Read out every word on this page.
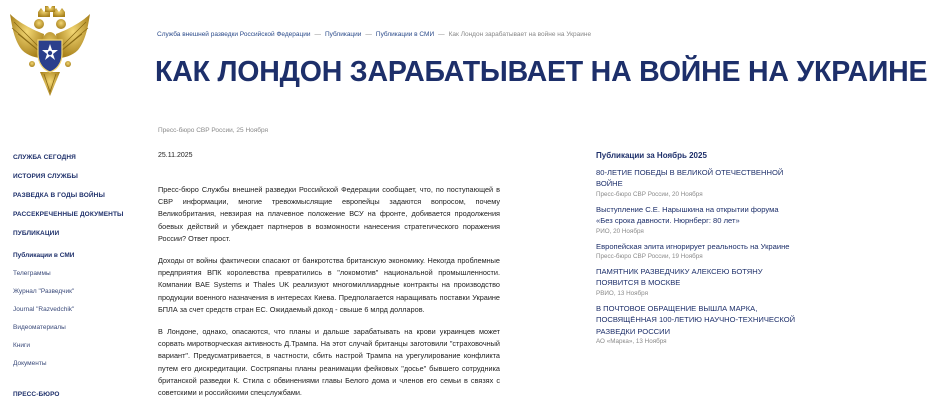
СЛУЖБА СЕГОДНЯ
ИСТОРИЯ СЛУЖБЫ
РАЗВЕДКА В ГОДЫ ВОЙНЫ
РАССЕКРЕЧЕННЫЕ ДОКУМЕНТЫ
ПУБЛИКАЦИИ
Публикации в СМИ
Телеграммы
Журнал "Разведчик"
Journal "Razvedchik"
Видеоматериалы
Книги
Документы
ПРЕСС-БЮРО
Служба внешней разведки Российской Федерации — Публикации — Публикации в СМИ — Как Лондон зарабатывает на войне на Украине
КАК ЛОНДОН ЗАРАБАТЫВАЕТ НА ВОЙНЕ НА УКРАИНЕ
Пресс-бюро СВР России, 25 Ноября
25.11.2025

Пресс-бюро Службы внешней разведки Российской Федерации сообщает, что, по поступающей в СВР информации, многие тревожмыслящие европейцы задаются вопросом, почему Великобритания, невзирая на плачевное положение ВСУ на фронте, добивается продолжения боевых действий и убеждает партнеров в возможности нанесения стратегического поражения России? Ответ прост.

Доходы от войны фактически спасают от банкротства британскую экономику. Некогда проблемные предприятия ВПК королевства превратились в "локомотив" национальной промышленности. Компании BAE Systems и Thales UK реализуют многомиллиардные контракты на производство продукции военного назначения в интересах Киева. Предполагается наращивать поставки Украине БПЛА за счет средств стран ЕС. Ожидаемый доход - свыше 6 млрд долларов.

В Лондоне, однако, опасаются, что планы и дальше зарабатывать на крови украинцев может сорвать миротворческая активность Д.Трампа. На этот случай британцы заготовили "страховочный вариант". Предусматривается, в частности, сбить настрой Трампа на урегулирование конфликта путем его дискредитации. Состряпаны планы реанимации фейковых "досье" бывшего сотрудника британской разведки К. Стила с обвинениями главы Белого дома и членов его семьи в связях с советскими и российскими спецслужбами.

Публикации за Ноябрь 2025
80-ЛЕТИЕ ПОБЕДЫ В ВЕЛИКОЙ ОТЕЧЕСТВЕННОЙ ВОЙНЕ
Пресс-бюро СВР России, 20 Ноября
Выступление С.Е. Нарышкина на открытии форума «Без срока давности. Нюрнберг: 80 лет»
РИО, 20 Ноября
Европейская элита игнорирует реальность на Украине
Пресс-бюро СВР России, 19 Ноября
ПАМЯТНИК РАЗВЕДЧИКУ АЛЕКСЕЮ БОТЯНУ ПОЯВИТСЯ В МОСКВЕ
РВИО, 13 Ноября
В ПОЧТОВОЕ ОБРАЩЕНИЕ ВЫШЛА МАРКА, ПОСВЯЩЁННАЯ 100-ЛЕТИЮ НАУЧНО-ТЕХНИЧЕСКОЙ РАЗВЕДКИ РОССИИ
АО «Марка», 13 Ноября
